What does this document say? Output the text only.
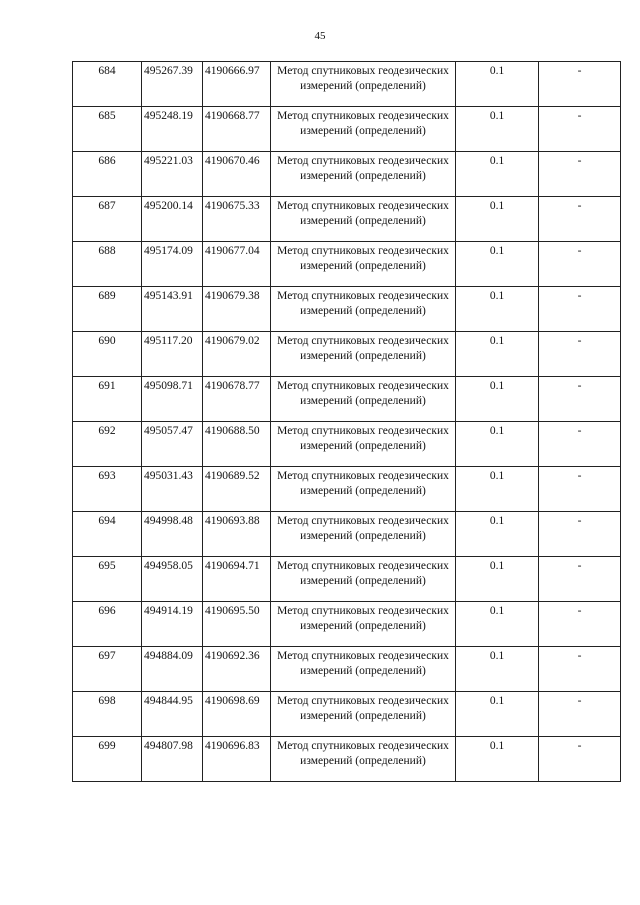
45
684	495267.39	4190666.97	Метод спутниковых геодезических измерений (определений)	0.1	-
685	495248.19	4190668.77	Метод спутниковых геодезических измерений (определений)	0.1	-
686	495221.03	4190670.46	Метод спутниковых геодезических измерений (определений)	0.1	-
687	495200.14	4190675.33	Метод спутниковых геодезических измерений (определений)	0.1	-
688	495174.09	4190677.04	Метод спутниковых геодезических измерений (определений)	0.1	-
689	495143.91	4190679.38	Метод спутниковых геодезических измерений (определений)	0.1	-
690	495117.20	4190679.02	Метод спутниковых геодезических измерений (определений)	0.1	-
691	495098.71	4190678.77	Метод спутниковых геодезических измерений (определений)	0.1	-
692	495057.47	4190688.50	Метод спутниковых геодезических измерений (определений)	0.1	-
693	495031.43	4190689.52	Метод спутниковых геодезических измерений (определений)	0.1	-
694	494998.48	4190693.88	Метод спутниковых геодезических измерений (определений)	0.1	-
695	494958.05	4190694.71	Метод спутниковых геодезических измерений (определений)	0.1	-
696	494914.19	4190695.50	Метод спутниковых геодезических измерений (определений)	0.1	-
697	494884.09	4190692.36	Метод спутниковых геодезических измерений (определений)	0.1	-
698	494844.95	4190698.69	Метод спутниковых геодезических измерений (определений)	0.1	-
699	494807.98	4190696.83	Метод спутниковых геодезических измерений (определений)	0.1	-
